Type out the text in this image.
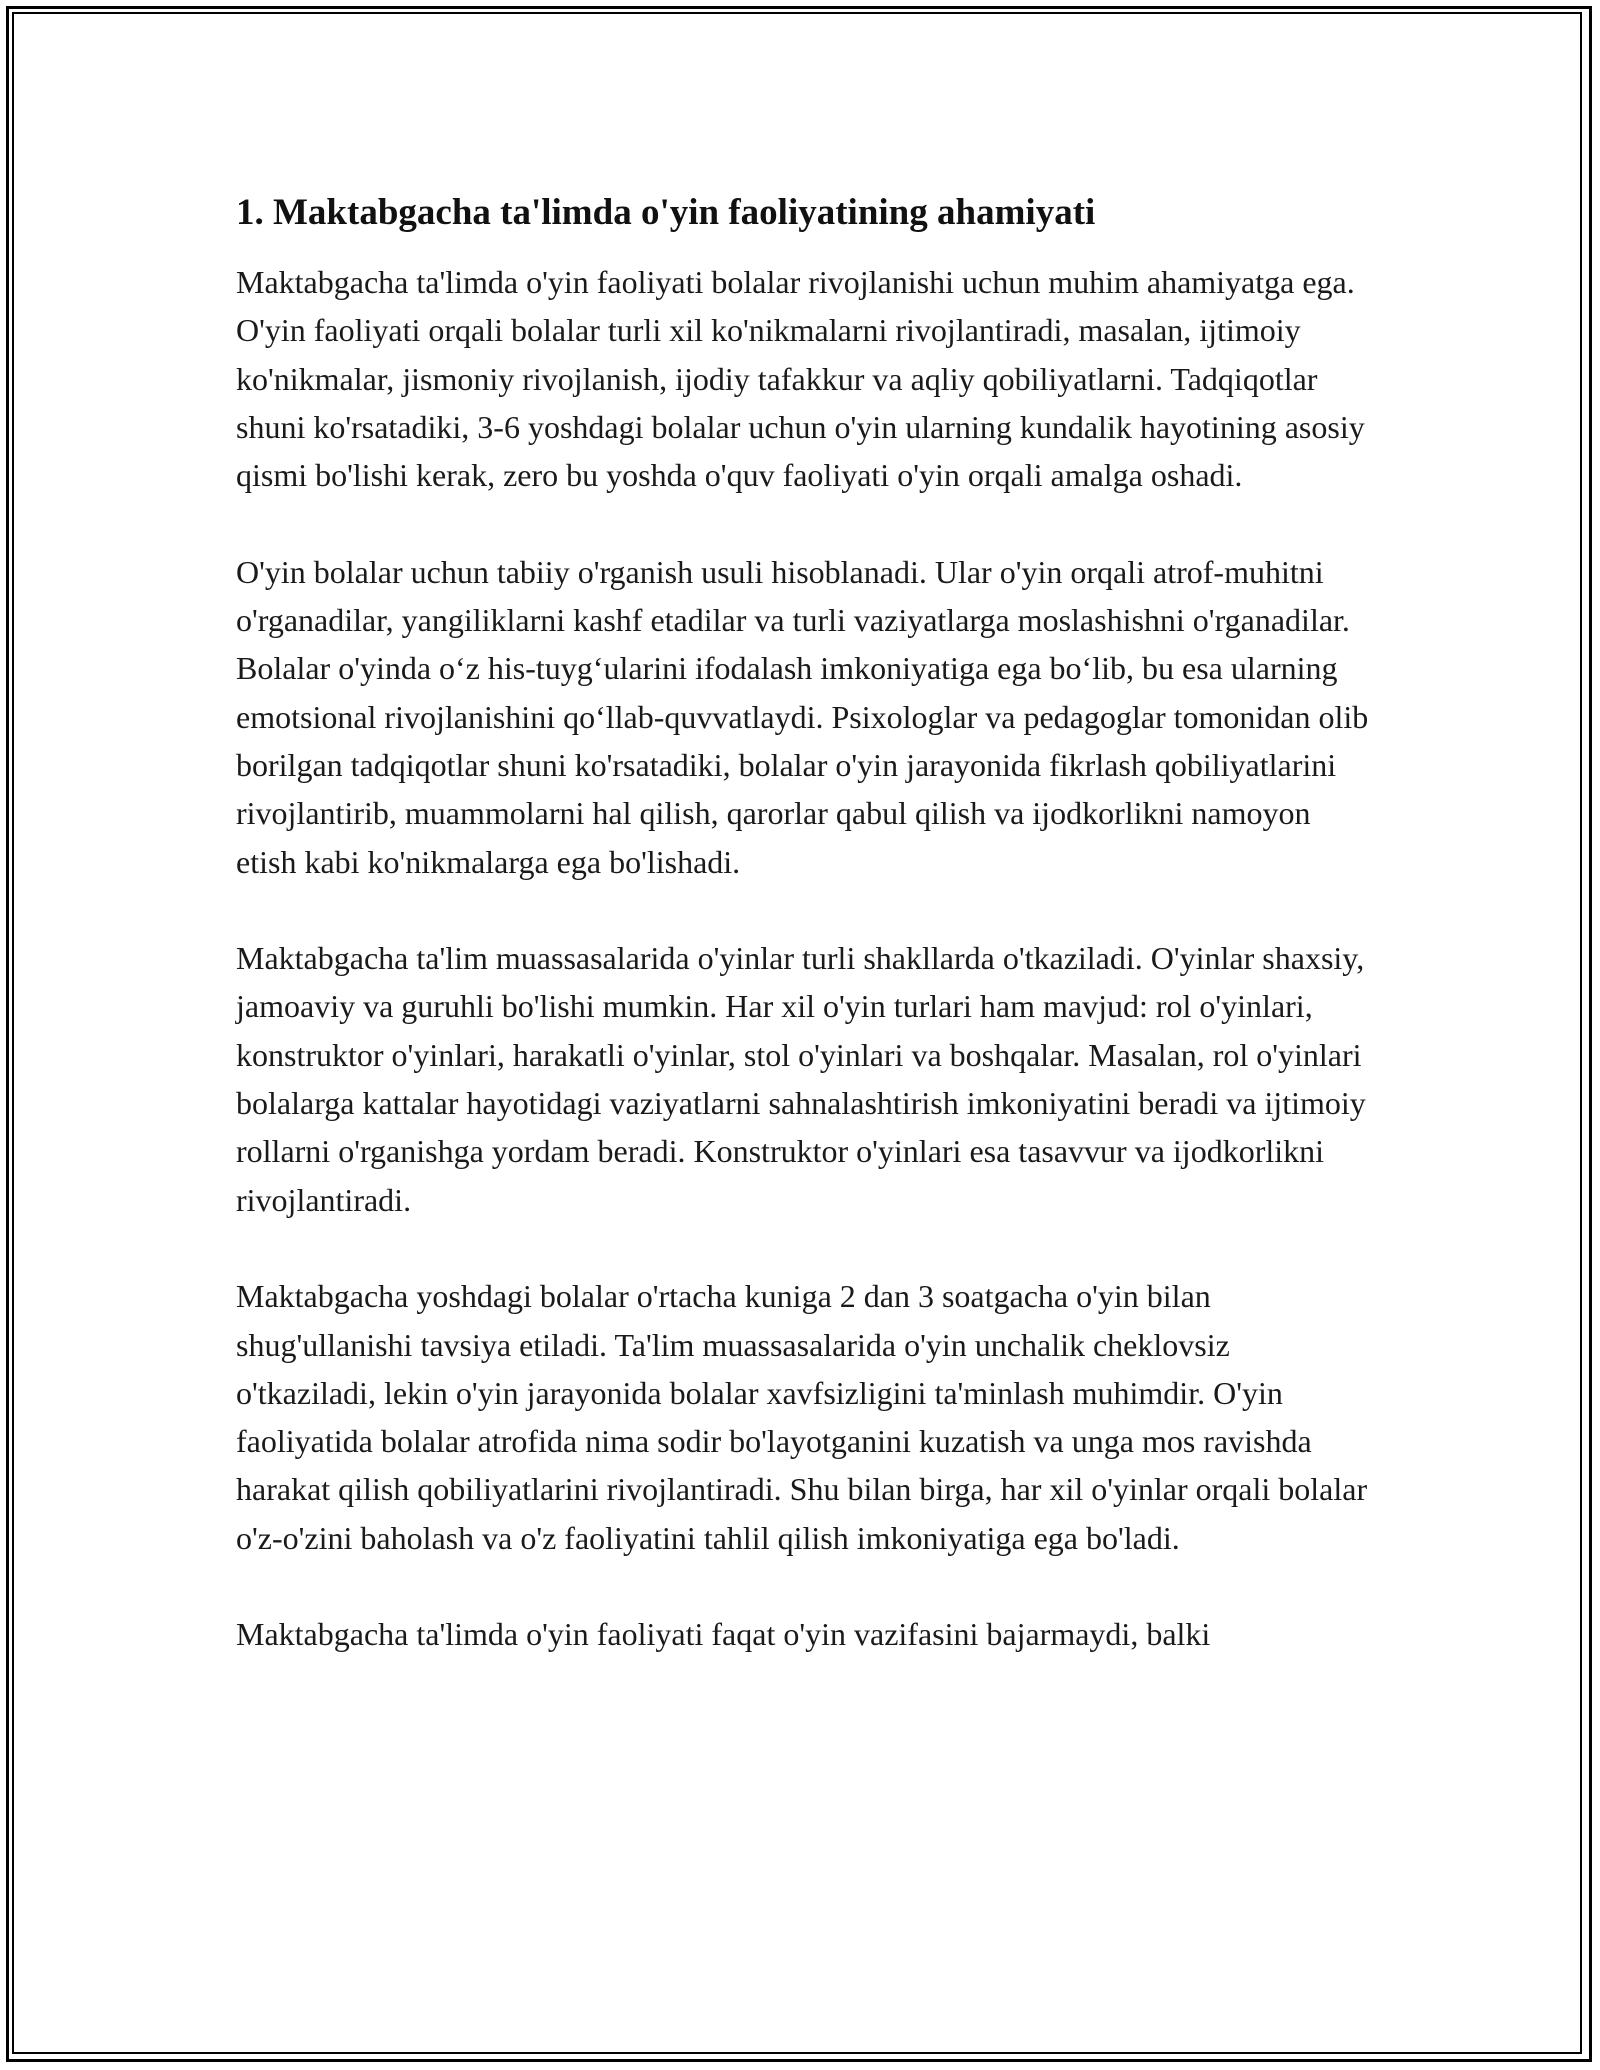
1. Maktabgacha ta'limda o'yin faoliyatining ahamiyati

Maktabgacha ta'limda o'yin faoliyati bolalar rivojlanishi uchun muhim ahamiyatga ega. O'yin faoliyati orqali bolalar turli xil ko'nikmalarni rivojlantiradi, masalan, ijtimoiy ko'nikmalar, jismoniy rivojlanish, ijodiy tafakkur va aqliy qobiliyatlarni. Tadqiqotlar shuni ko'rsatadiki, 3-6 yoshdagi bolalar uchun o'yin ularning kundalik hayotining asosiy qismi bo'lishi kerak, zero bu yoshda o'quv faoliyati o'yin orqali amalga oshadi.

O'yin bolalar uchun tabiiy o'rganish usuli hisoblanadi. Ular o'yin orqali atrof-muhitni o'rganadilar, yangiliklarni kashf etadilar va turli vaziyatlarga moslashishni o'rganadilar. Bolalar o'yinda o‘z his-tuyg‘ularini ifodalash imkoniyatiga ega bo‘lib, bu esa ularning emotsional rivojlanishini qo‘llab-quvvatlaydi. Psixologlar va pedagoglar tomonidan olib borilgan tadqiqotlar shuni ko'rsatadiki, bolalar o'yin jarayonida fikrlash qobiliyatlarini rivojlantirib, muammolarni hal qilish, qarorlar qabul qilish va ijodkorlikni namoyon etish kabi ko'nikmalarga ega bo'lishadi.

Maktabgacha ta'lim muassasalarida o'yinlar turli shakllarda o'tkaziladi. O'yinlar shaxsiy, jamoaviy va guruhli bo'lishi mumkin. Har xil o'yin turlari ham mavjud: rol o'yinlari, konstruktor o'yinlari, harakatli o'yinlar, stol o'yinlari va boshqalar. Masalan, rol o'yinlari bolalarga kattalar hayotidagi vaziyatlarni sahnalashtirish imkoniyatini beradi va ijtimoiy rollarni o'rganishga yordam beradi. Konstruktor o'yinlari esa tasavvur va ijodkorlikni rivojlantiradi.

Maktabgacha yoshdagi bolalar o'rtacha kuniga 2 dan 3 soatgacha o'yin bilan shug'ullanishi tavsiya etiladi. Ta'lim muassasalarida o'yin unchalik cheklovsiz o'tkaziladi, lekin o'yin jarayonida bolalar xavfsizligini ta'minlash muhimdir. O'yin faoliyatida bolalar atrofida nima sodir bo'layotganini kuzatish va unga mos ravishda harakat qilish qobiliyatlarini rivojlantiradi. Shu bilan birga, har xil o'yinlar orqali bolalar o'z-o'zini baholash va o'z faoliyatini tahlil qilish imkoniyatiga ega bo'ladi.

Maktabgacha ta'limda o'yin faoliyati faqat o'yin vazifasini bajarmaydi, balki
